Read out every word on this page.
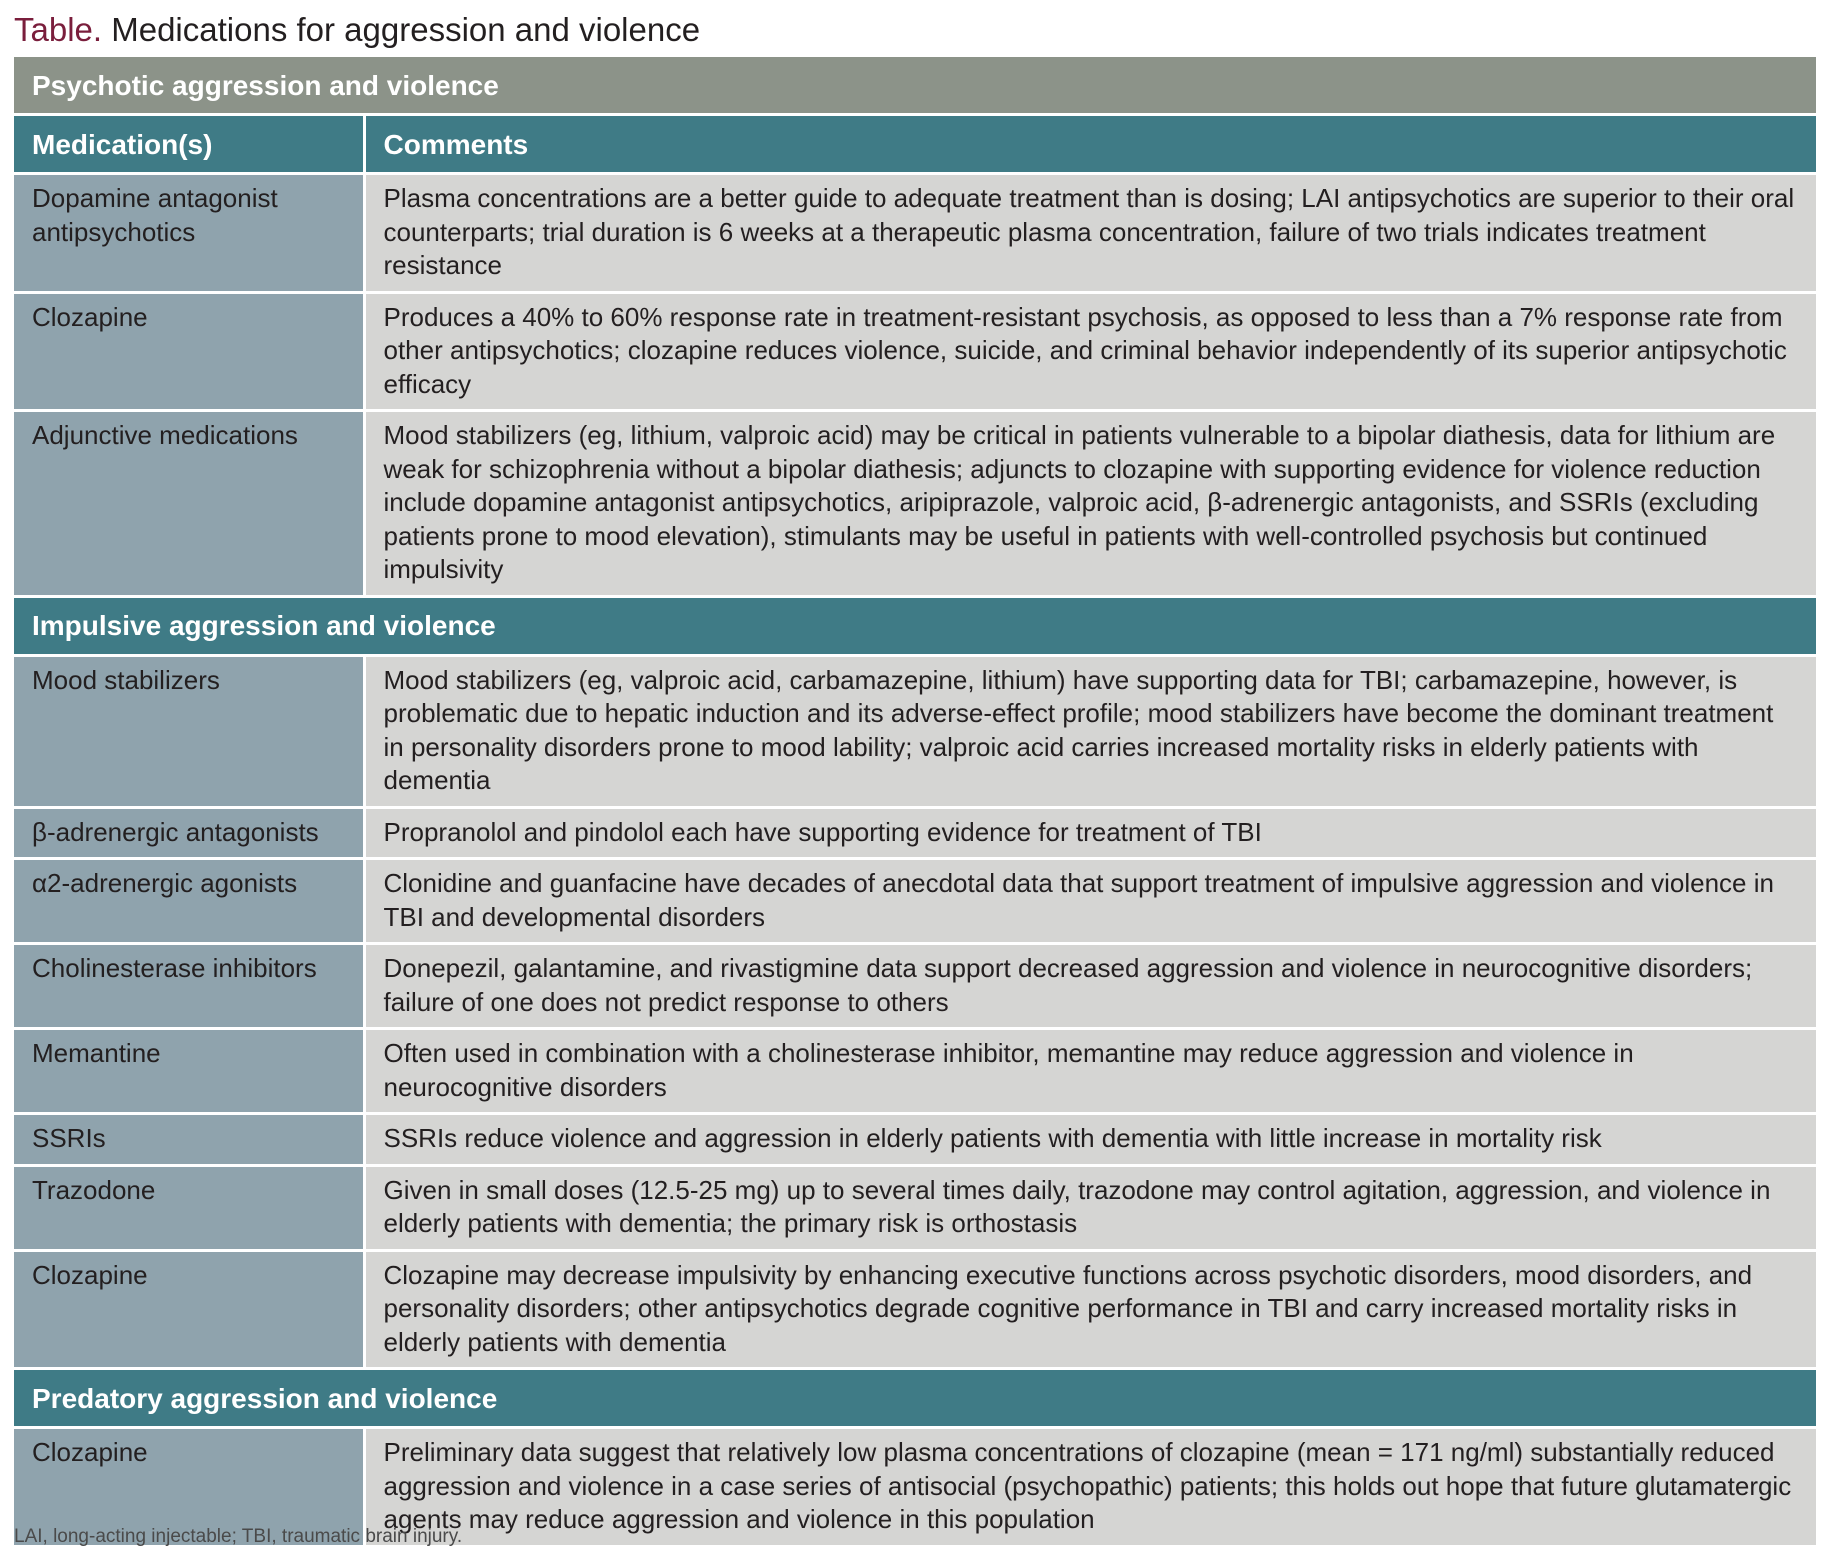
Table. Medications for aggression and violence
Psychotic aggression and violence	
Medication(s)	Comments
Dopamine antagonist antipsychotics	Plasma concentrations are a better guide to adequate treatment than is dosing; LAI antipsychotics are superior to their oral counterparts; trial duration is 6 weeks at a therapeutic plasma concentration, failure of two trials indicates treatment resistance
Clozapine	Produces a 40% to 60% response rate in treatment-resistant psychosis, as opposed to less than a 7% response rate from other antipsychotics; clozapine reduces violence, suicide, and criminal behavior independently of its superior antipsychotic efficacy
Adjunctive medications	Mood stabilizers (eg, lithium, valproic acid) may be critical in patients vulnerable to a bipolar diathesis, data for lithium are weak for schizophrenia without a bipolar diathesis; adjuncts to clozapine with supporting evidence for violence reduction include dopamine antagonist antipsychotics, aripiprazole, valproic acid, β-adrenergic antagonists, and SSRIs (excluding patients prone to mood elevation), stimulants may be useful in patients with well-controlled psychosis but continued impulsivity
Impulsive aggression and violence	
Mood stabilizers	Mood stabilizers (eg, valproic acid, carbamazepine, lithium) have supporting data for TBI; carbamazepine, however, is problematic due to hepatic induction and its adverse-effect profile; mood stabilizers have become the dominant treatment in personality disorders prone to mood lability; valproic acid carries increased mortality risks in elderly patients with dementia
β-adrenergic antagonists	Propranolol and pindolol each have supporting evidence for treatment of TBI
α2-adrenergic agonists	Clonidine and guanfacine have decades of anecdotal data that support treatment of impulsive aggression and violence in TBI and developmental disorders
Cholinesterase inhibitors	Donepezil, galantamine, and rivastigmine data support decreased aggression and violence in neurocognitive disorders; failure of one does not predict response to others
Memantine	Often used in combination with a cholinesterase inhibitor, memantine may reduce aggression and violence in neurocognitive disorders
SSRIs	SSRIs reduce violence and aggression in elderly patients with dementia with little increase in mortality risk
Trazodone	Given in small doses (12.5-25 mg) up to several times daily, trazodone may control agitation, aggression, and violence in elderly patients with dementia; the primary risk is orthostasis
Clozapine	Clozapine may decrease impulsivity by enhancing executive functions across psychotic disorders, mood disorders, and personality disorders; other antipsychotics degrade cognitive performance in TBI and carry increased mortality risks in elderly patients with dementia
Predatory aggression and violence	
Clozapine	Preliminary data suggest that relatively low plasma concentrations of clozapine (mean = 171 ng/ml) substantially reduced aggression and violence in a case series of antisocial (psychopathic) patients; this holds out hope that future glutamatergic agents may reduce aggression and violence in this population
LAI, long-acting injectable; TBI, traumatic brain injury.
